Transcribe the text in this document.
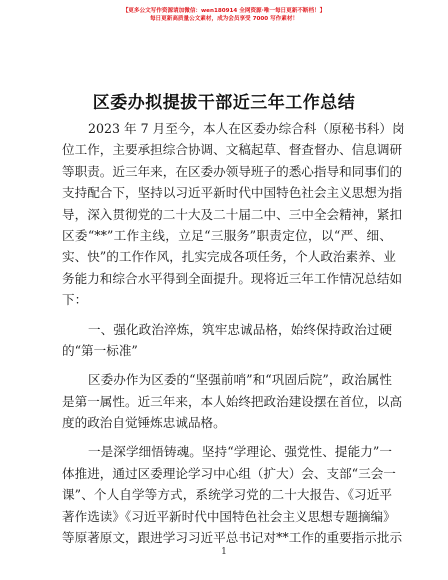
【更多公文写作资源请加微信：wen180914 全网资源·唯一每日更新不断档！】
每日更新高质量公文素材，成为会员享受 7000 写作素材！
区委办拟提拔干部近三年工作总结
2023 年 7 月至今，本人在区委办综合科（原秘书科）岗
位工作，主要承担综合协调、文稿起草、督查督办、信息调研
等职责。近三年来，在区委办领导班子的悉心指导和同事们的
支持配合下，坚持以习近平新时代中国特色社会主义思想为指
导，深入贯彻党的二十大及二十届二中、三中全会精神，紧扣
区委“**”工作主线，立足“三服务”职责定位，以“严、细、
实、快”的工作作风，扎实完成各项任务，个人政治素养、业
务能力和综合水平得到全面提升。现将近三年工作情况总结如
下：
一、强化政治淬炼，筑牢忠诚品格，始终保持政治过硬
的“第一标准”
区委办作为区委的“坚强前哨”和“巩固后院”，政治属性
是第一属性。近三年来，本人始终把政治建设摆在首位，以高
度的政治自觉锤炼忠诚品格。
一是深学细悟铸魂。坚持“学理论、强党性、提能力”一
体推进，通过区委理论学习中心组（扩大）会、支部“三会一
课”、个人自学等方式，系统学习党的二十大报告、《习近平
著作选读》《习近平新时代中国特色社会主义思想专题摘编》
等原著原文，跟进学习习近平总书记对**工作的重要指示批示
1
